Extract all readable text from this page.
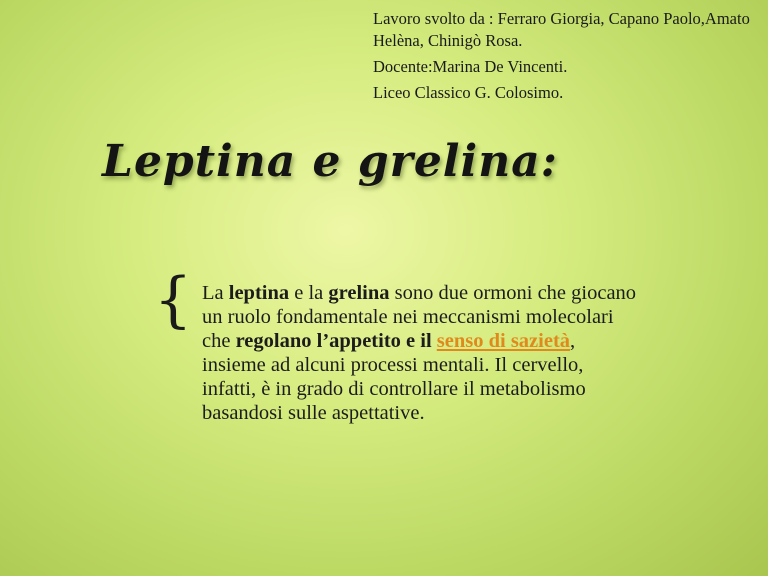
Lavoro svolto da : Ferraro Giorgia, Capano Paolo,Amato Helèna, Chinigò Rosa.

Docente:Marina De Vincenti.

Liceo Classico G. Colosimo.

Leptina e grelina:
{ La leptina e la grelina sono due ormoni che giocano un ruolo fondamentale nei meccanismi molecolari che regolano l’appetito e il senso di sazietà, insieme ad alcuni processi mentali. Il cervello, infatti, è in grado di controllare il metabolismo basandosi sulle aspettative.
